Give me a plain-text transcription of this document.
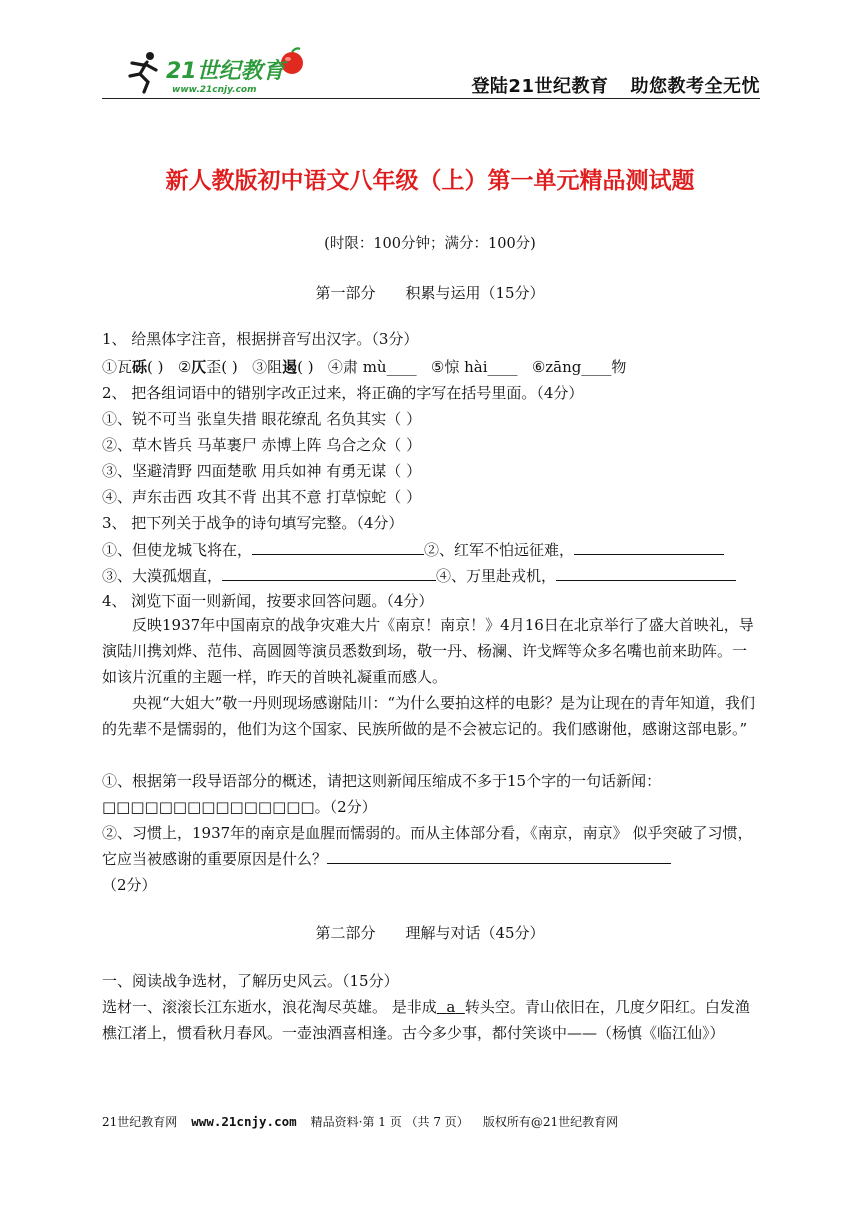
21世纪教育
www.21cnjy.com	登陆21世纪教育 助您教考全无忧
新人教版初中语文八年级（上）第一单元精品测试题
(时限：100分钟；满分：100分)
第一部分 积累与运用（15分）
1、 给黑体字注音，根据拼音写出汉字。（3分）
①瓦砾( ) ②仄歪( ) ③阻遏( ) ④肃 mù____ ⑤惊 hài____ ⑥zāng____物
2、 把各组词语中的错别字改正过来，将正确的字写在括号里面。（4分）
①、锐不可当 张皇失措 眼花缭乱 名负其实（ ）
②、草木皆兵 马革裹尸 赤博上阵 乌合之众（ ）
③、坚避清野 四面楚歌 用兵如神 有勇无谋（ ）
④、声东击西 攻其不背 出其不意 打草惊蛇（ ）
3、 把下列关于战争的诗句填写完整。（4分）
①、但使龙城飞将在，	②、红军不怕远征难，
③、大漠孤烟直，	④、万里赴戎机，
4、 浏览下面一则新闻，按要求回答问题。（4分）
反映1937年中国南京的战争灾难大片《南京！南京！》4月16日在北京举行了盛大首映礼，导演陆川携刘烨、范伟、高圆圆等演员悉数到场，敬一丹、杨澜、许戈辉等众多名嘴也前来助阵。一如该片沉重的主题一样，昨天的首映礼凝重而感人。
央视“大姐大”敬一丹则现场感谢陆川：“为什么要拍这样的电影？是为让现在的青年知道，我们的先辈不是懦弱的，他们为这个国家、民族所做的是不会被忘记的。我们感谢他，感谢这部电影。”
①、根据第一段导语部分的概述，请把这则新闻压缩成不多于15个字的一句话新闻：□□□□□□□□□□□□□□□。（2分）
②、习惯上，1937年的南京是血腥而懦弱的。而从主体部分看，《南京，南京》 似乎突破了习惯，它应当被感谢的重要原因是什么？
（2分）
第二部分 理解与对话（45分）
一、阅读战争选材，了解历史风云。（15分）
选材一、滚滚长江东逝水，浪花淘尽英雄。 是非成 a 转头空。青山依旧在，几度夕阳红。白发渔樵江渚上，惯看秋月春风。一壶浊酒喜相逢。古今多少事，都付笑谈中——（杨慎《临江仙》）
21世纪教育网 www.21cnjy.com 精品资料·第 1 页 （共 7 页） 版权所有@21世纪教育网
